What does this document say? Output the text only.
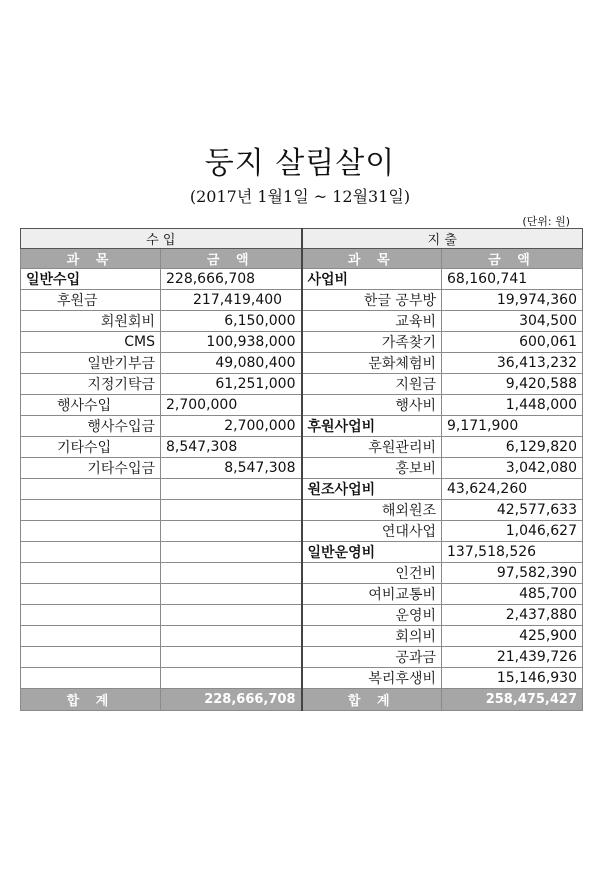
둥지 살림살이
(2017년 1월1일 ~ 12월31일)
(단위: 원)
수 입		지 출	
과 목	금 액	과 목	금 액
일반수입	228,666,708	사업비	68,160,741
후원금	217,419,400	한글 공부방	19,974,360
회원회비	6,150,000	교육비	304,500
CMS	100,938,000	가족찾기	600,061
일반기부금	49,080,400	문화체험비	36,413,232
지정기탁금	61,251,000	지원금	9,420,588
행사수입	2,700,000	행사비	1,448,000
행사수입금	2,700,000	후원사업비	9,171,900
기타수입	8,547,308	후원관리비	6,129,820
기타수입금	8,547,308	홍보비	3,042,080
		원조사업비	43,624,260
		해외원조	42,577,633
		연대사업	1,046,627
		일반운영비	137,518,526
		인건비	97,582,390
		여비교통비	485,700
		운영비	2,437,880
		회의비	425,900
		공과금	21,439,726
		복리후생비	15,146,930
합 계	228,666,708	합 계	258,475,427
